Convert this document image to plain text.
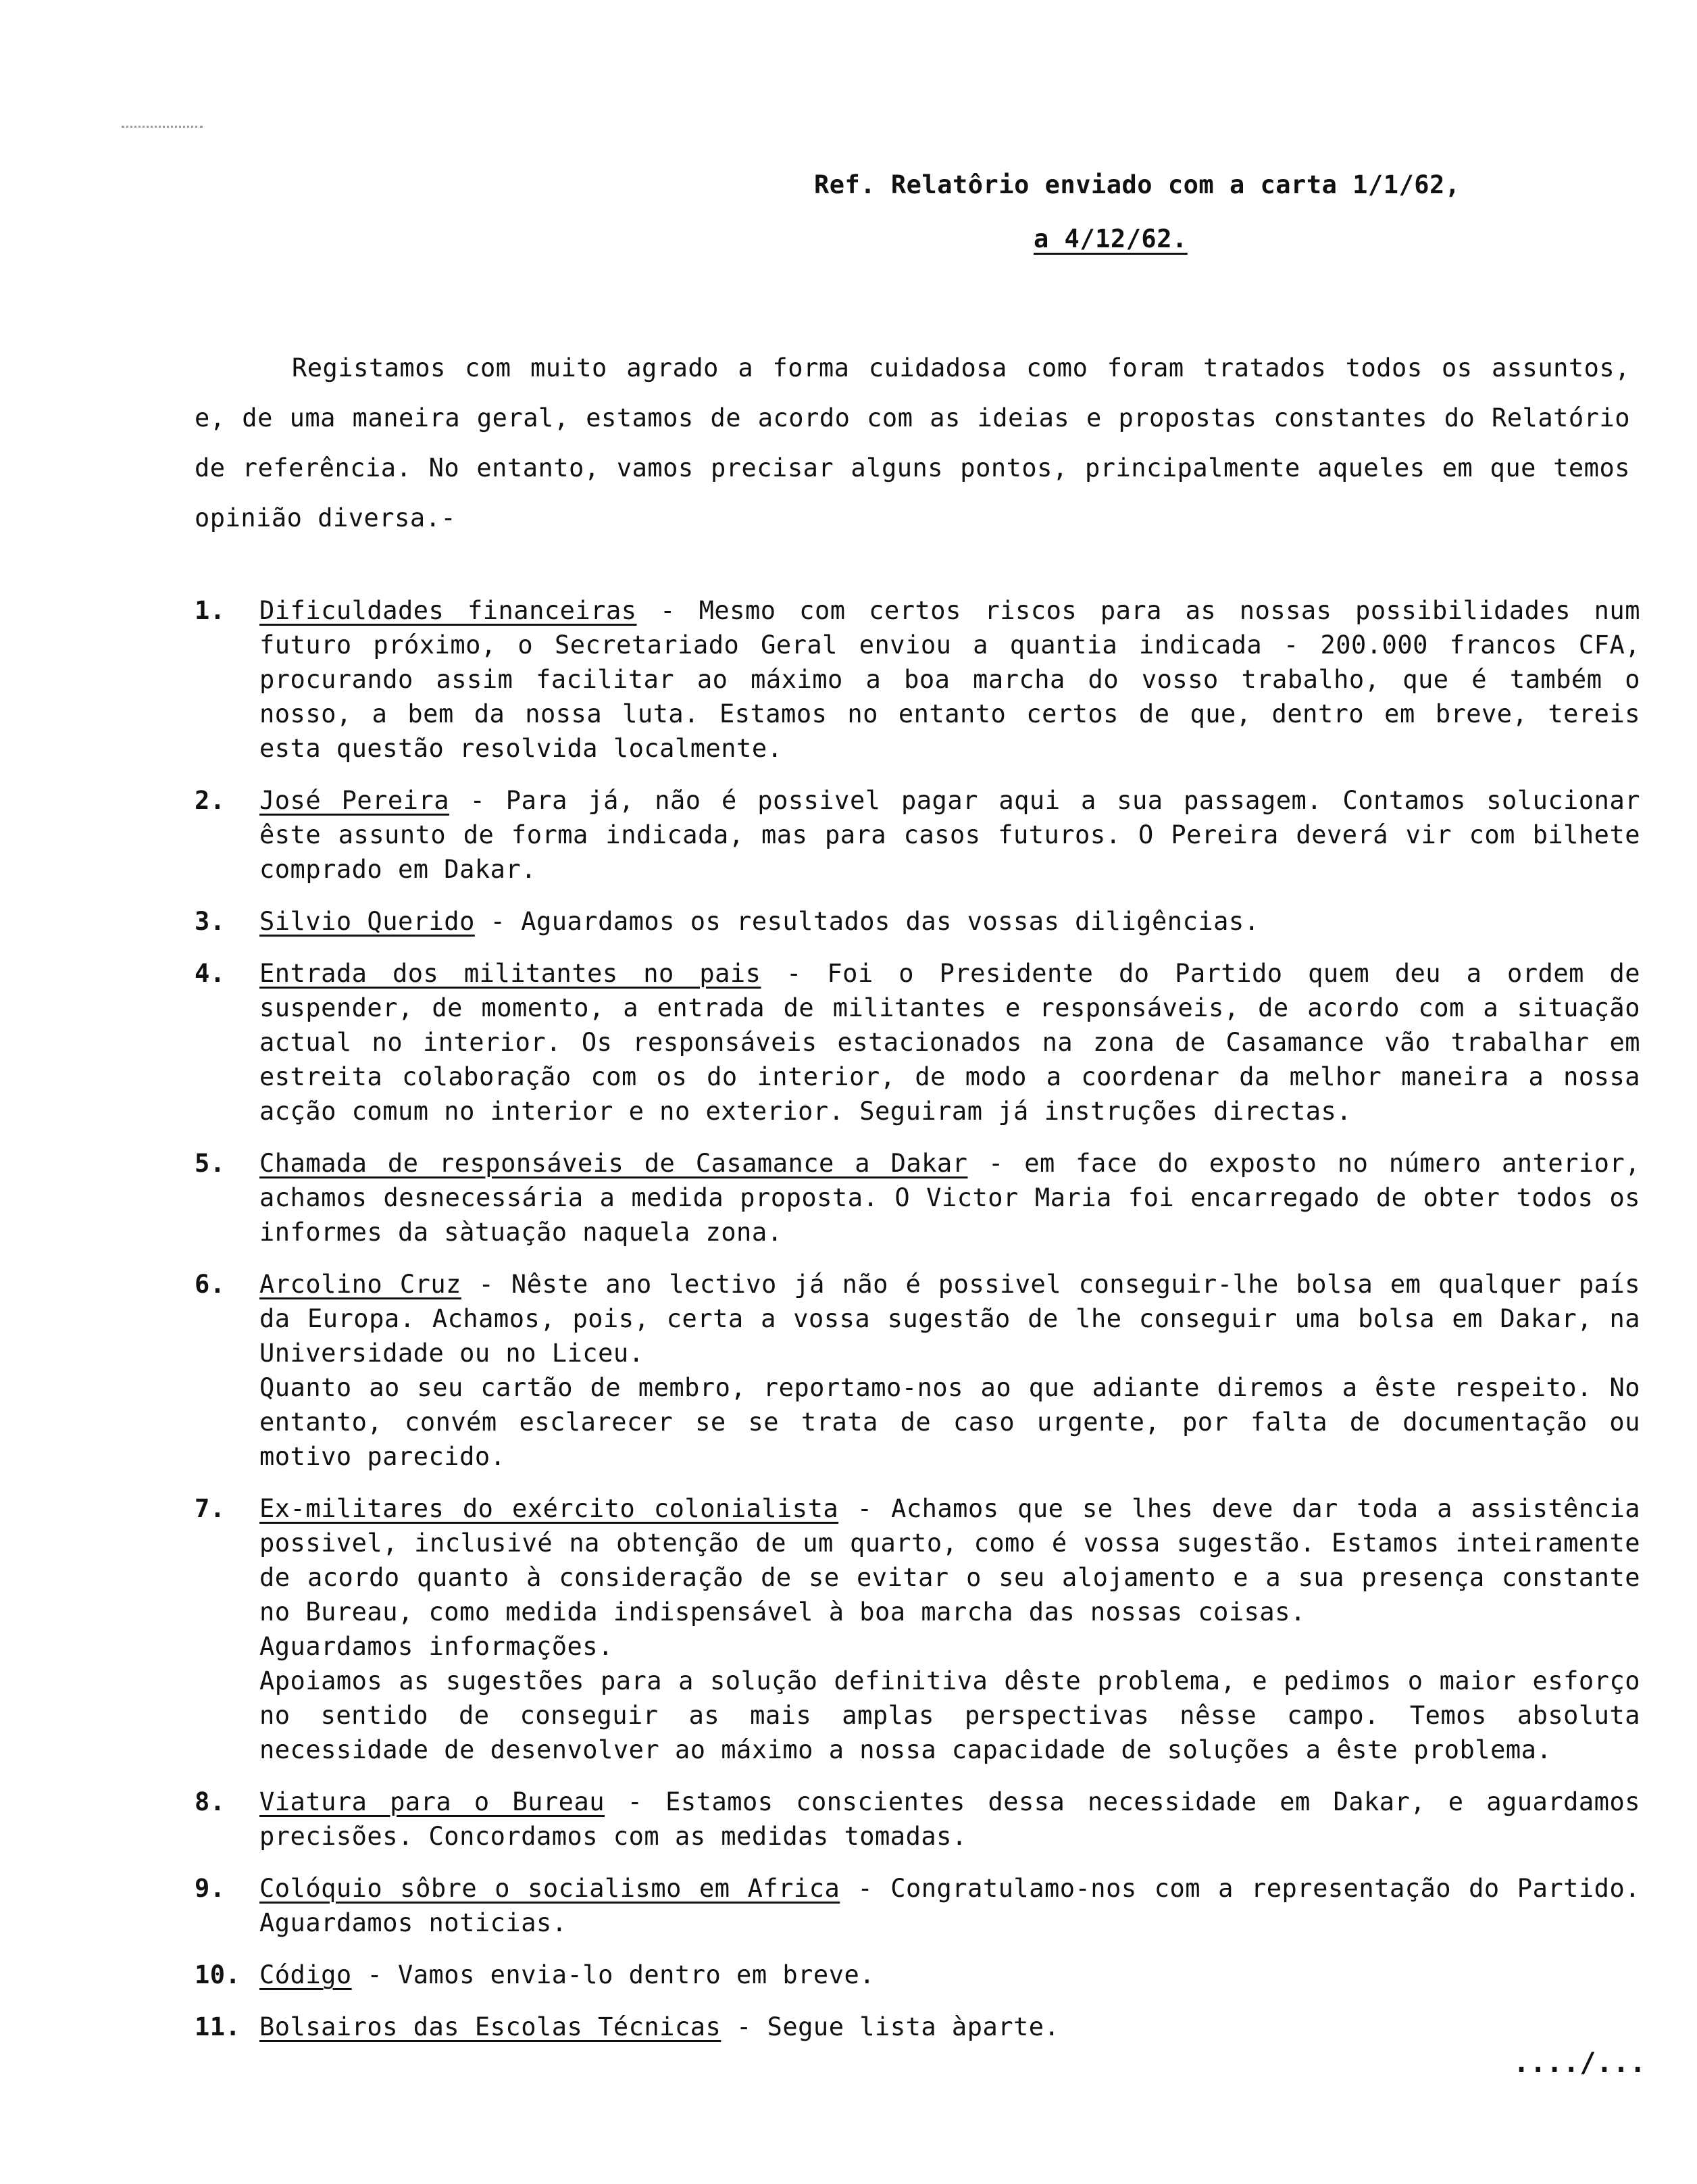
Ref. Relatôrio enviado com a carta 1/1/62,
a 4/12/62.
Registamos com muito agrado a forma cuidadosa como foram tratados todos os assuntos, e, de uma maneira geral, estamos de acordo com as ideias e propostas constantes do Relatório de referência. No entanto, vamos precisar alguns pontos, principalmente aqueles em que temos opinião diversa.-
1.	Dificuldades financeiras - Mesmo com certos riscos para as nossas possibilidades num futuro próximo, o Secretariado Geral enviou a quantia indicada - 200.000 francos CFA, procurando assim facilitar ao máximo a boa marcha do vosso trabalho, que é também o nosso, a bem da nossa luta. Estamos no entanto certos de que, dentro em breve, tereis esta questão resolvida localmente.
2.	José Pereira - Para já, não é possivel pagar aqui a sua passagem. Contamos solucionar êste assunto de forma indicada, mas para casos futuros. O Pereira deverá vir com bilhete comprado em Dakar.
3.	Silvio Querido - Aguardamos os resultados das vossas diligências.
4.	Entrada dos militantes no pais - Foi o Presidente do Partido quem deu a ordem de suspender, de momento, a entrada de militantes e responsáveis, de acordo com a situação actual no interior. Os responsáveis estacionados na zona de Casamance vão trabalhar em estreita colaboração com os do interior, de modo a coordenar da melhor maneira a nossa acção comum no interior e no exterior. Seguiram já instruções directas.
5.	Chamada de responsáveis de Casamance a Dakar - em face do exposto no número anterior, achamos desnecessária a medida proposta. O Victor Maria foi encarregado de obter todos os informes da sàtuação naquela zona.
6.	Arcolino Cruz - Nêste ano lectivo já não é possivel conseguir-lhe bolsa em qualquer país da Europa. Achamos, pois, certa a vossa sugestão de lhe conseguir uma bolsa em Dakar, na Universidade ou no Liceu.
Quanto ao seu cartão de membro, reportamo-nos ao que adiante diremos a êste respeito. No entanto, convém esclarecer se se trata de caso urgente, por falta de documentação ou motivo parecido.
7.	Ex-militares do exército colonialista - Achamos que se lhes deve dar toda a assistência possivel, inclusivé na obtenção de um quarto, como é vossa sugestão. Estamos inteiramente de acordo quanto à consideração de se evitar o seu alojamento e a sua presença constante no Bureau, como medida indispensável à boa marcha das nossas coisas.
Aguardamos informações.
Apoiamos as sugestões para a solução definitiva dêste problema, e pedimos o maior esforço no sentido de conseguir as mais amplas perspectivas nêsse campo. Temos absoluta necessidade de desenvolver ao máximo a nossa capacidade de soluções a êste problema.
8.	Viatura para o Bureau - Estamos conscientes dessa necessidade em Dakar, e aguardamos precisões. Concordamos com as medidas tomadas.
9.	Colóquio sôbre o socialismo em Africa - Congratulamo-nos com a representação do Partido. Aguardamos noticias.
10. Código - Vamos envia-lo dentro em breve.
11. Bolsairos das Escolas Técnicas - Segue lista àparte.
..../...
